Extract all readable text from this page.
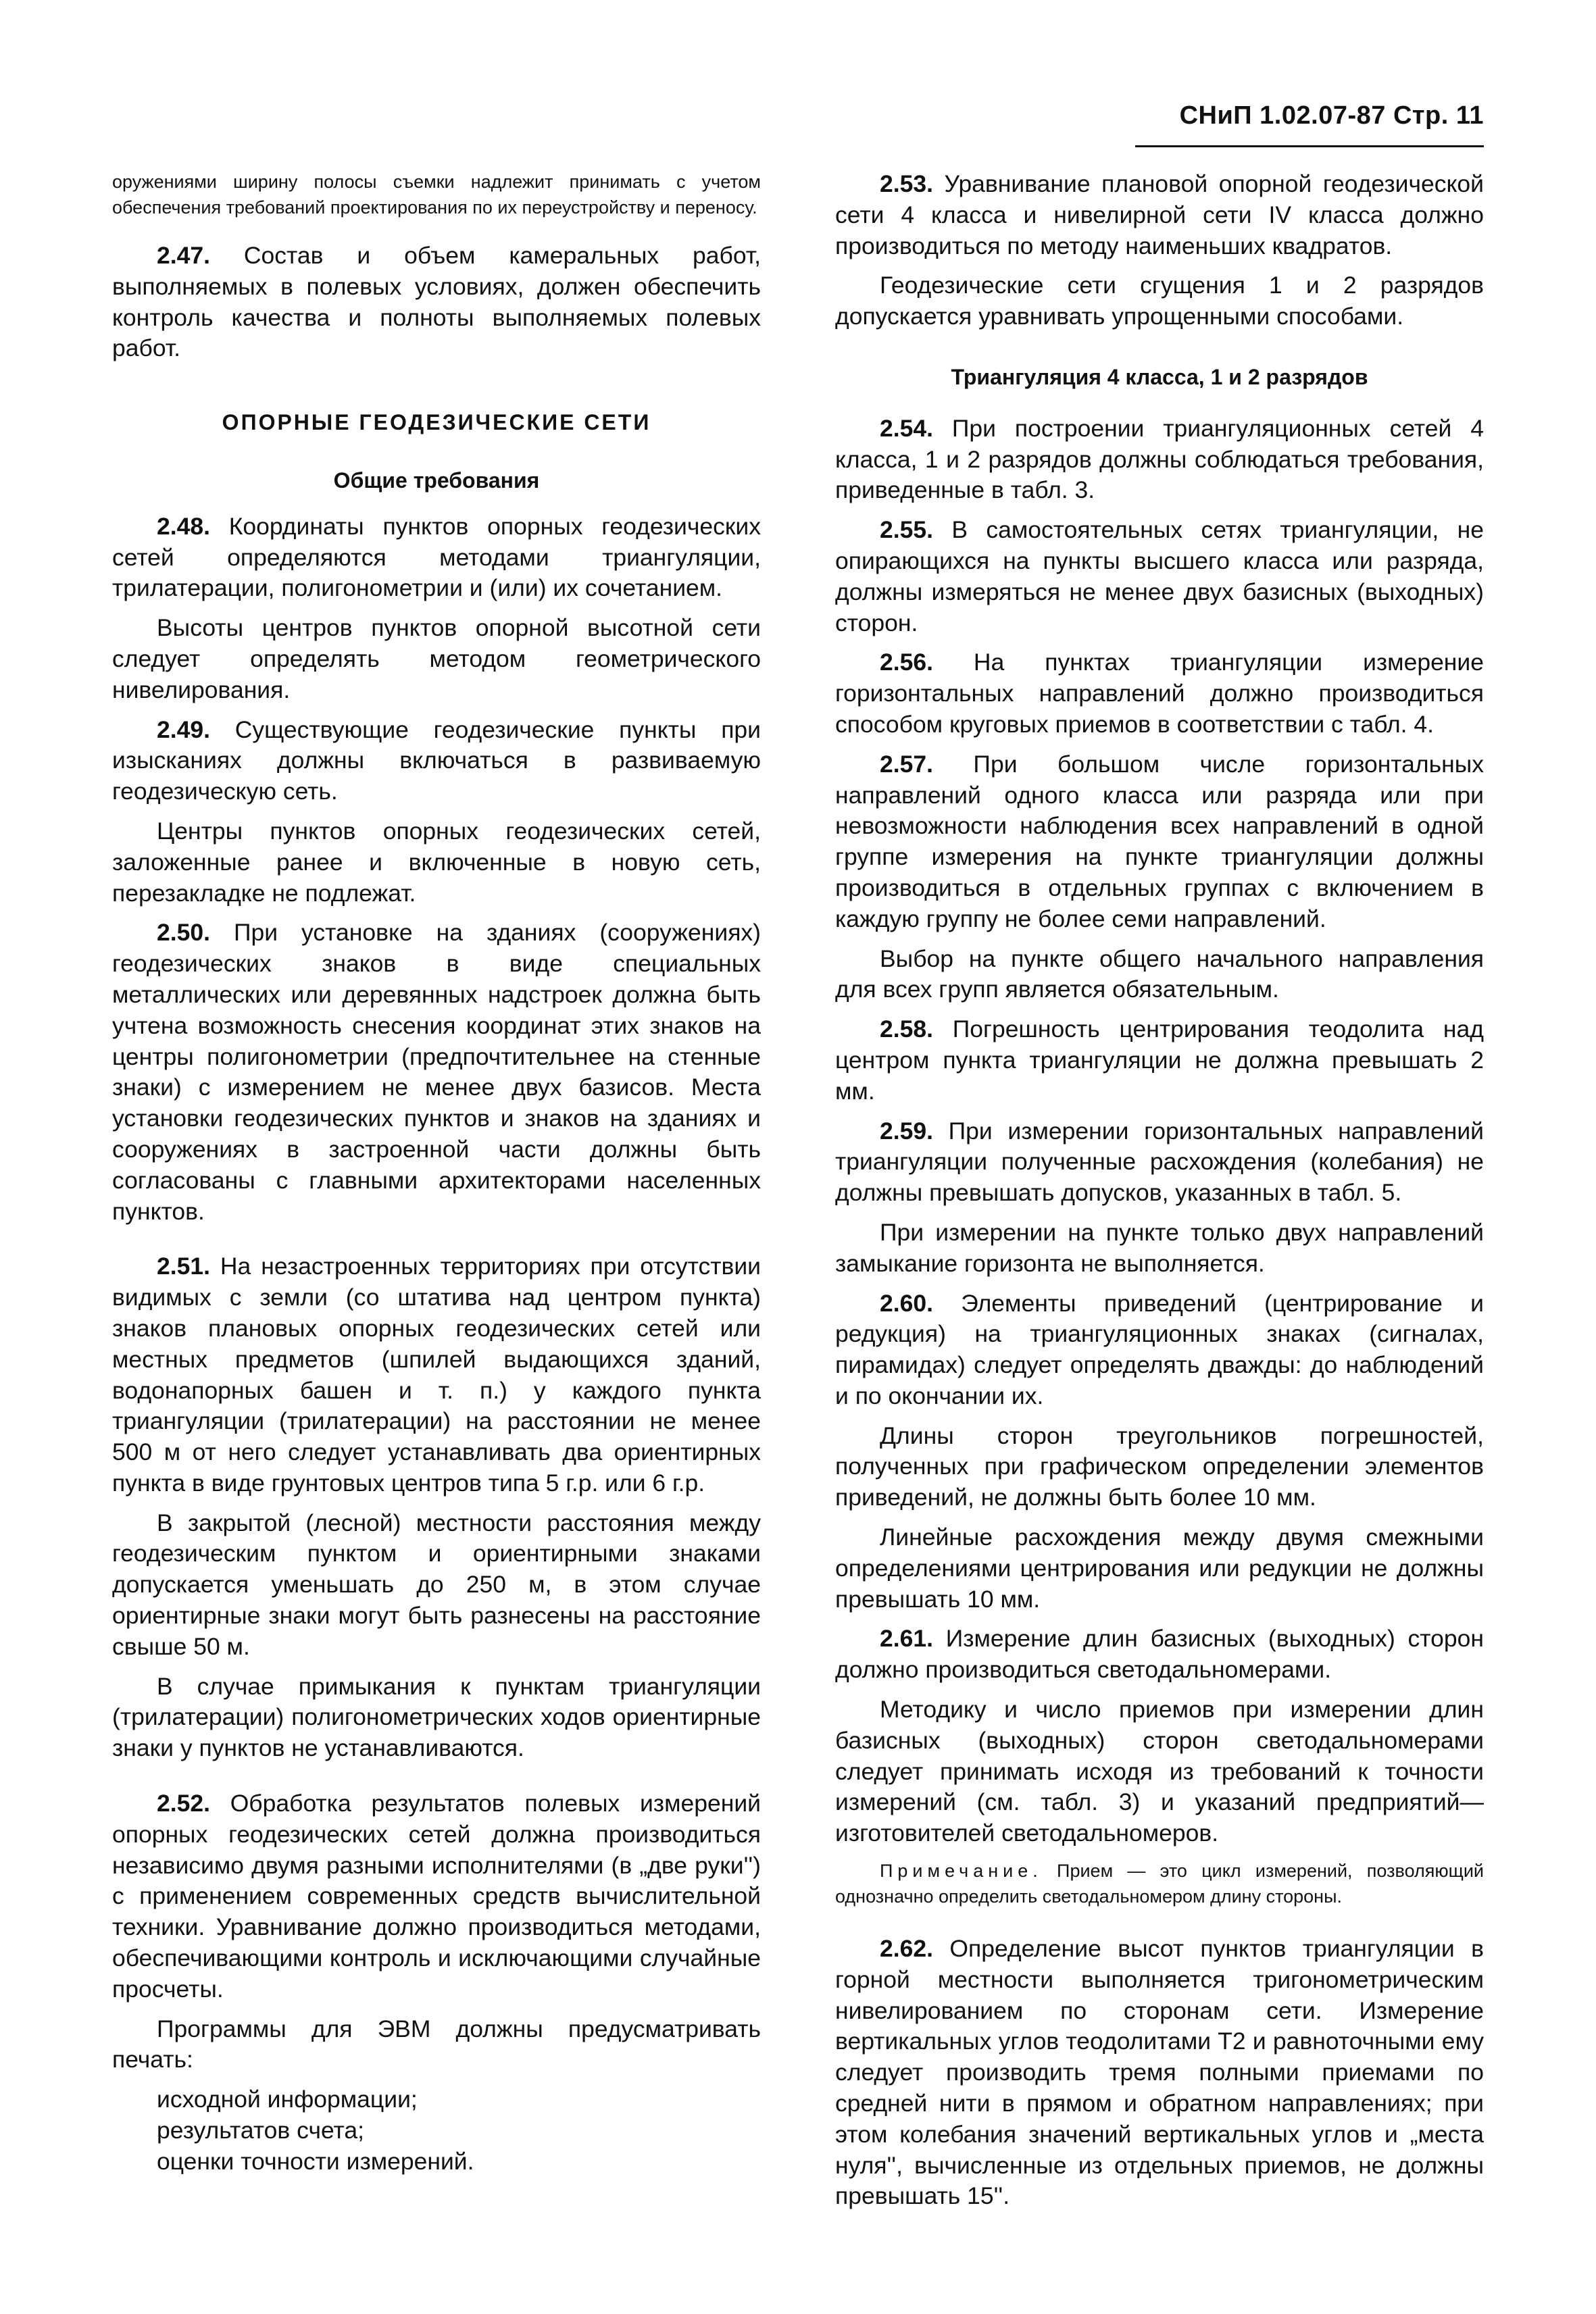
СНиП 1.02.07-87 Стр. 11

оружениями ширину полосы съемки надлежит принимать с учетом обеспечения требований проектирования по их переустройству и переносу.

2.47. Состав и объем камеральных работ, выполняемых в полевых условиях, должен обеспечить контроль качества и полноты выполняемых полевых работ.

ОПОРНЫЕ ГЕОДЕЗИЧЕСКИЕ СЕТИ
Общие требования

2.48. Координаты пунктов опорных геодезических сетей определяются методами триангуляции, трилатерации, полигонометрии и (или) их сочетанием.

Высоты центров пунктов опорной высотной сети следует определять методом геометрического нивелирования.

2.49. Существующие геодезические пункты при изысканиях должны включаться в развиваемую геодезическую сеть.

Центры пунктов опорных геодезических сетей, заложенные ранее и включенные в новую сеть, перезакладке не подлежат.

2.50. При установке на зданиях (сооружениях) геодезических знаков в виде специальных металлических или деревянных надстроек должна быть учтена возможность снесения координат этих знаков на центры полигонометрии (предпочтительнее на стенные знаки) с измерением не менее двух базисов. Места установки геодезических пунктов и знаков на зданиях и сооружениях в застроенной части должны быть согласованы с главными архитекторами населенных пунктов.

2.51. На незастроенных территориях при отсутствии видимых с земли (со штатива над центром пункта) знаков плановых опорных геодезических сетей или местных предметов (шпилей выдающихся зданий, водонапорных башен и т. п.) у каждого пункта триангуляции (трилатерации) на расстоянии не менее 500 м от него следует устанавливать два ориентирных пункта в виде грунтовых центров типа 5 г.р. или 6 г.р.

В закрытой (лесной) местности расстояния между геодезическим пунктом и ориентирными знаками допускается уменьшать до 250 м, в этом случае ориентирные знаки могут быть разнесены на расстояние свыше 50 м.

В случае примыкания к пунктам триангуляции (трилатерации) полигонометрических ходов ориентирные знаки у пунктов не устанавливаются.

2.52. Обработка результатов полевых измерений опорных геодезических сетей должна производиться независимо двумя разными исполнителями (в „две руки'') с применением современных средств вычислительной техники. Уравнивание должно производиться методами, обеспечивающими контроль и исключающими случайные просчеты.

Программы для ЭВМ должны предусматривать печать:

исходной информации;

результатов счета;

оценки точности измерений.

2.53. Уравнивание плановой опорной геодезической сети 4 класса и нивелирной сети IV класса должно производиться по методу наименьших квадратов.

Геодезические сети сгущения 1 и 2 разрядов допускается уравнивать упрощенными способами.

Триангуляция 4 класса, 1 и 2 разрядов

2.54. При построении триангуляционных сетей 4 класса, 1 и 2 разрядов должны соблюдаться требования, приведенные в табл. 3.

2.55. В самостоятельных сетях триангуляции, не опирающихся на пункты высшего класса или разряда, должны измеряться не менее двух базисных (выходных) сторон.

2.56. На пунктах триангуляции измерение горизонтальных направлений должно производиться способом круговых приемов в соответствии с табл. 4.

2.57. При большом числе горизонтальных направлений одного класса или разряда или при невозможности наблюдения всех направлений в одной группе измерения на пункте триангуляции должны производиться в отдельных группах с включением в каждую группу не более семи направлений.

Выбор на пункте общего начального направления для всех групп является обязательным.

2.58. Погрешность центрирования теодолита над центром пункта триангуляции не должна превышать 2 мм.

2.59. При измерении горизонтальных направлений триангуляции полученные расхождения (колебания) не должны превышать допусков, указанных в табл. 5.

При измерении на пункте только двух направлений замыкание горизонта не выполняется.

2.60. Элементы приведений (центрирование и редукция) на триангуляционных знаках (сигналах, пирамидах) следует определять дважды: до наблюдений и по окончании их.

Длины сторон треугольников погрешностей, полученных при графическом определении элементов приведений, не должны быть более 10 мм.

Линейные расхождения между двумя смежными определениями центрирования или редукции не должны превышать 10 мм.

2.61. Измерение длин базисных (выходных) сторон должно производиться светодальномерами.

Методику и число приемов при измерении длин базисных (выходных) сторон светодальномерами следует принимать исходя из требований к точности измерений (см. табл. 3) и указаний предприятий—изготовителей светодальномеров.

Примечание. Прием — это цикл измерений, позволяющий однозначно определить светодальномером длину стороны.

2.62. Определение высот пунктов триангуляции в горной местности выполняется тригонометрическим нивелированием по сторонам сети. Измерение вертикальных углов теодолитами Т2 и равноточными ему следует производить тремя полными приемами по средней нити в прямом и обратном направлениях; при этом колебания значений вертикальных углов и „места нуля'', вычисленные из отдельных приемов, не должны превышать 15''.
